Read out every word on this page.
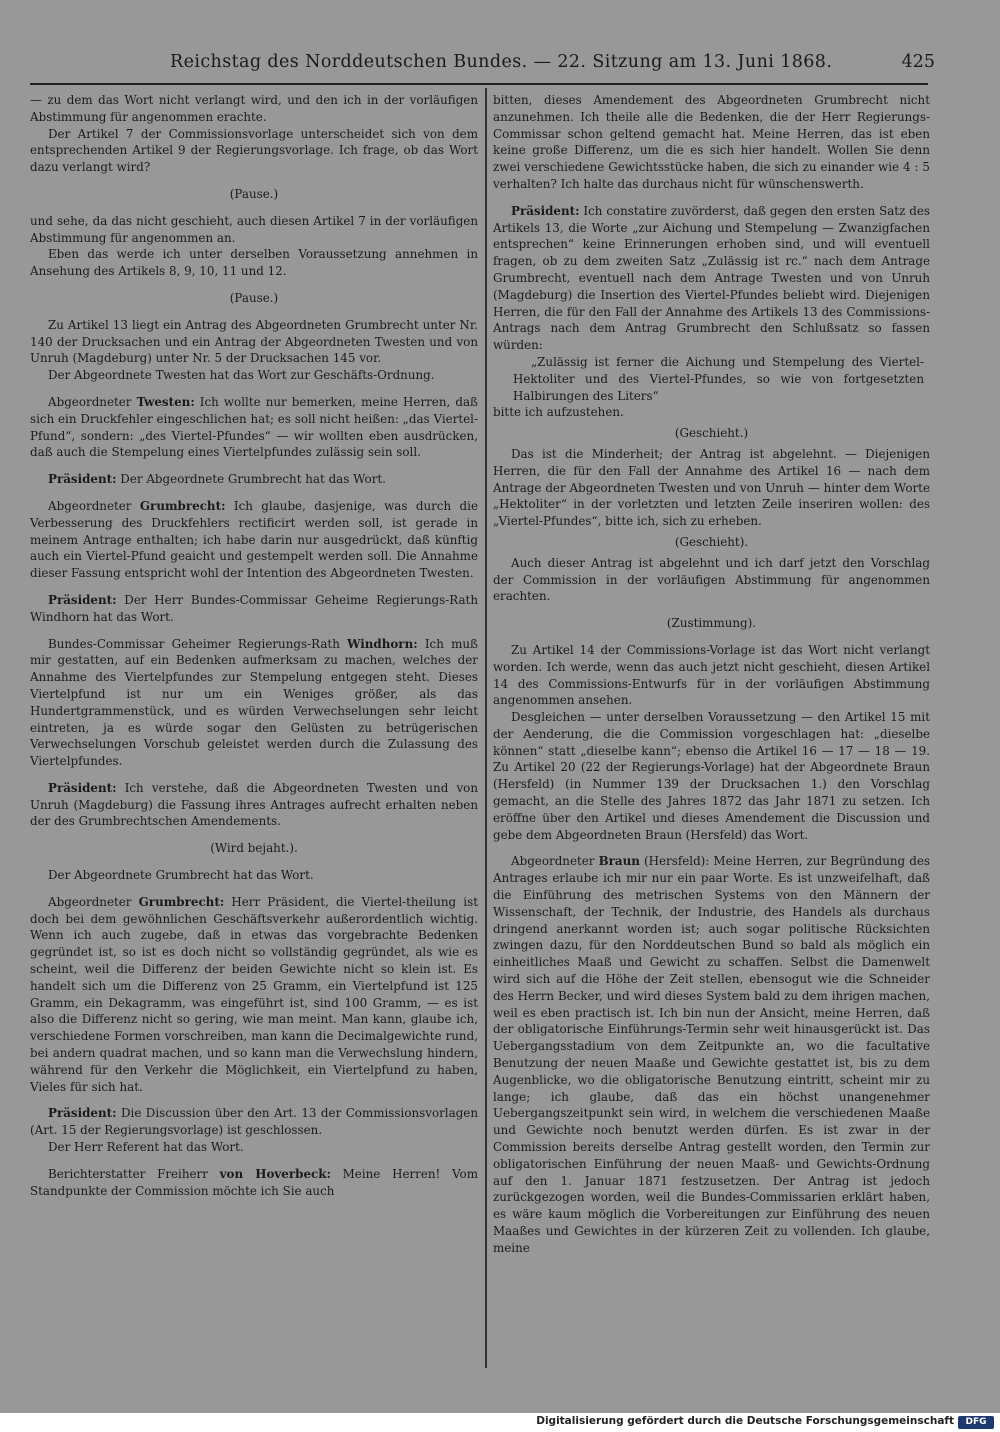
Reichstag des Norddeutschen Bundes. — 22. Sitzung am 13. Juni 1868.	425

— zu dem das Wort nicht verlangt wird, und den ich in der vorläufigen Abstimmung für angenommen erachte.

Der Artikel 7 der Commissionsvorlage unterscheidet sich von dem entsprechenden Artikel 9 der Regierungsvorlage. Ich frage, ob das Wort dazu verlangt wird?

(Pause.)

und sehe, da das nicht geschieht, auch diesen Artikel 7 in der vorläufigen Abstimmung für angenommen an.

Eben das werde ich unter derselben Voraussetzung annehmen in Ansehung des Artikels 8, 9, 10, 11 und 12.

(Pause.)

Zu Artikel 13 liegt ein Antrag des Abgeordneten Grumbrecht unter Nr. 140 der Drucksachen und ein Antrag der Abgeordneten Twesten und von Unruh (Magdeburg) unter Nr. 5 der Drucksachen 145 vor.

Der Abgeordnete Twesten hat das Wort zur Geschäfts-Ordnung.

Abgeordneter Twesten: Ich wollte nur bemerken, meine Herren, daß sich ein Druckfehler eingeschlichen hat; es soll nicht heißen: „das Viertel-Pfund“, sondern: „des Viertel-Pfundes“ — wir wollten eben ausdrücken, daß auch die Stempelung eines Viertelpfundes zulässig sein soll.

Präsident: Der Abgeordnete Grumbrecht hat das Wort.

Abgeordneter Grumbrecht: Ich glaube, dasjenige, was durch die Verbesserung des Druckfehlers rectificirt werden soll, ist gerade in meinem Antrage enthalten; ich habe darin nur ausgedrückt, daß künftig auch ein Viertel-Pfund geaicht und gestempelt werden soll. Die Annahme dieser Fassung entspricht wohl der Intention des Abgeordneten Twesten.

Präsident: Der Herr Bundes-Commissar Geheime Regierungs-Rath Windhorn hat das Wort.

Bundes-Commissar Geheimer Regierungs-Rath Windhorn: Ich muß mir gestatten, auf ein Bedenken aufmerksam zu machen, welches der Annahme des Viertelpfundes zur Stempelung entgegen steht. Dieses Viertelpfund ist nur um ein Weniges größer, als das Hundertgrammenstück, und es würden Verwechselungen sehr leicht eintreten, ja es würde sogar den Gelüsten zu betrügerischen Verwechselungen Vorschub geleistet werden durch die Zulassung des Viertelpfundes.

Präsident: Ich verstehe, daß die Abgeordneten Twesten und von Unruh (Magdeburg) die Fassung ihres Antrages aufrecht erhalten neben der des Grumbrechtschen Amendements.

(Wird bejaht.).

Der Abgeordnete Grumbrecht hat das Wort.

Abgeordneter Grumbrecht: Herr Präsident, die Viertel-theilung ist doch bei dem gewöhnlichen Geschäftsverkehr außerordentlich wichtig. Wenn ich auch zugebe, daß in etwas das vorgebrachte Bedenken gegründet ist, so ist es doch nicht so vollständig gegründet, als wie es scheint, weil die Differenz der beiden Gewichte nicht so klein ist. Es handelt sich um die Differenz von 25 Gramm, ein Viertelpfund ist 125 Gramm, ein Dekagramm, was eingeführt ist, sind 100 Gramm, — es ist also die Differenz nicht so gering, wie man meint. Man kann, glaube ich, verschiedene Formen vorschreiben, man kann die Decimalgewichte rund, bei andern quadrat machen, und so kann man die Verwechslung hindern, während für den Verkehr die Möglichkeit, ein Viertelpfund zu haben, Vieles für sich hat.

Präsident: Die Discussion über den Art. 13 der Commissionsvorlagen (Art. 15 der Regierungsvorlage) ist geschlossen.

Der Herr Referent hat das Wort.

Berichterstatter Freiherr von Hoverbeck: Meine Herren! Vom Standpunkte der Commission möchte ich Sie auch

bitten, dieses Amendement des Abgeordneten Grumbrecht nicht anzunehmen. Ich theile alle die Bedenken, die der Herr Regierungs-Commissar schon geltend gemacht hat. Meine Herren, das ist eben keine große Differenz, um die es sich hier handelt. Wollen Sie denn zwei verschiedene Gewichtsstücke haben, die sich zu einander wie 4 : 5 verhalten? Ich halte das durchaus nicht für wünschenswerth.

Präsident: Ich constatire zuvörderst, daß gegen den ersten Satz des Artikels 13, die Worte „zur Aichung und Stempelung — Zwanzigfachen entsprechen“ keine Erinnerungen erhoben sind, und will eventuell fragen, ob zu dem zweiten Satz „Zulässig ist rc.“ nach dem Antrage Grumbrecht, eventuell nach dem Antrage Twesten und von Unruh (Magdeburg) die Insertion des Viertel-Pfundes beliebt wird. Diejenigen Herren, die für den Fall der Annahme des Artikels 13 des Commissions-Antrags nach dem Antrag Grumbrecht den Schlußsatz so fassen würden:

„Zulässig ist ferner die Aichung und Stempelung des Viertel-Hektoliter und des Viertel-Pfundes, so wie von fortgesetzten Halbirungen des Liters“

bitte ich aufzustehen.

(Geschieht.)

Das ist die Minderheit; der Antrag ist abgelehnt. — Diejenigen Herren, die für den Fall der Annahme des Artikel 16 — nach dem Antrage der Abgeordneten Twesten und von Unruh — hinter dem Worte „Hektoliter“ in der vorletzten und letzten Zeile inseriren wollen: des „Viertel-Pfundes“, bitte ich, sich zu erheben.

(Geschieht).

Auch dieser Antrag ist abgelehnt und ich darf jetzt den Vorschlag der Commission in der vorläufigen Abstimmung für angenommen erachten.

(Zustimmung).

Zu Artikel 14 der Commissions-Vorlage ist das Wort nicht verlangt worden. Ich werde, wenn das auch jetzt nicht geschieht, diesen Artikel 14 des Commissions-Entwurfs für in der vorläufigen Abstimmung angenommen ansehen.

Desgleichen — unter derselben Voraussetzung — den Artikel 15 mit der Aenderung, die die Commission vorgeschlagen hat: „dieselbe können“ statt „dieselbe kann“; ebenso die Artikel 16 — 17 — 18 — 19. Zu Artikel 20 (22 der Regierungs-Vorlage) hat der Abgeordnete Braun (Hersfeld) (in Nummer 139 der Drucksachen 1.) den Vorschlag gemacht, an die Stelle des Jahres 1872 das Jahr 1871 zu setzen. Ich eröffne über den Artikel und dieses Amendement die Discussion und gebe dem Abgeordneten Braun (Hersfeld) das Wort.

Abgeordneter Braun (Hersfeld): Meine Herren, zur Begründung des Antrages erlaube ich mir nur ein paar Worte. Es ist unzweifelhaft, daß die Einführung des metrischen Systems von den Männern der Wissenschaft, der Technik, der Industrie, des Handels als durchaus dringend anerkannt worden ist; auch sogar politische Rücksichten zwingen dazu, für den Norddeutschen Bund so bald als möglich ein einheitliches Maaß und Gewicht zu schaffen. Selbst die Damenwelt wird sich auf die Höhe der Zeit stellen, ebensogut wie die Schneider des Herrn Becker, und wird dieses System bald zu dem ihrigen machen, weil es eben practisch ist. Ich bin nun der Ansicht, meine Herren, daß der obligatorische Einführungs-Termin sehr weit hinausgerückt ist. Das Uebergangsstadium von dem Zeitpunkte an, wo die facultative Benutzung der neuen Maaße und Gewichte gestattet ist, bis zu dem Augenblicke, wo die obligatorische Benutzung eintritt, scheint mir zu lange; ich glaube, daß das ein höchst unangenehmer Uebergangszeitpunkt sein wird, in welchem die verschiedenen Maaße und Gewichte noch benutzt werden dürfen. Es ist zwar in der Commission bereits derselbe Antrag gestellt worden, den Termin zur obligatorischen Einführung der neuen Maaß- und Gewichts-Ordnung auf den 1. Januar 1871 festzusetzen. Der Antrag ist jedoch zurückgezogen worden, weil die Bundes-Commissarien erklärt haben, es wäre kaum möglich die Vorbereitungen zur Einführung des neuen Maaßes und Gewichtes in der kürzeren Zeit zu vollenden. Ich glaube, meine

Digitalisierung gefördert durch die Deutsche Forschungsgemeinschaft	DFG
